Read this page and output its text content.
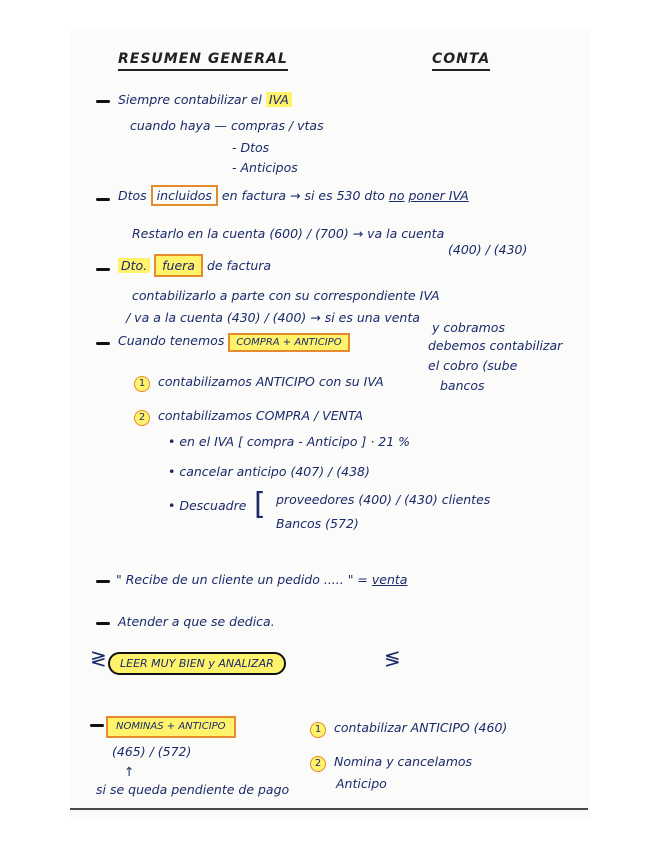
RESUMEN GENERAL	CONTA
Siempre contabilizar el IVA
cuando haya — compras / vtas
- Dtos
- Anticipos
Dtos incluidos en factura → si es 530 dto no poner IVA
Restarlo en la cuenta (600) / (700) → va la cuenta
(400) / (430)
Dto. fuera de factura
contabilizarlo a parte con su correspondiente IVA
/ va a la cuenta (430) / (400) → si es una venta
Cuando tenemos COMPRA + ANTICIPO
y cobramos
debemos contabilizar
el cobro (sube
bancos
1 contabilizamos ANTICIPO con su IVA
2 contabilizamos COMPRA / VENTA
• en el IVA [ compra - Anticipo ] · 21 %
• cancelar anticipo (407) / (438)
• Descuadre [ proveedores (400) / (430) clientes
Bancos (572)
" Recibe de un cliente un pedido ..... " = venta
Atender a que se dedica.
≷	LEER MUY BIEN y ANALIZAR	≶
NOMINAS + ANTICIPO	1 contabilizar ANTICIPO (460)
2 Nomina y cancelamos
Anticipo
(465) / (572)
↑
si se queda pendiente de pago
